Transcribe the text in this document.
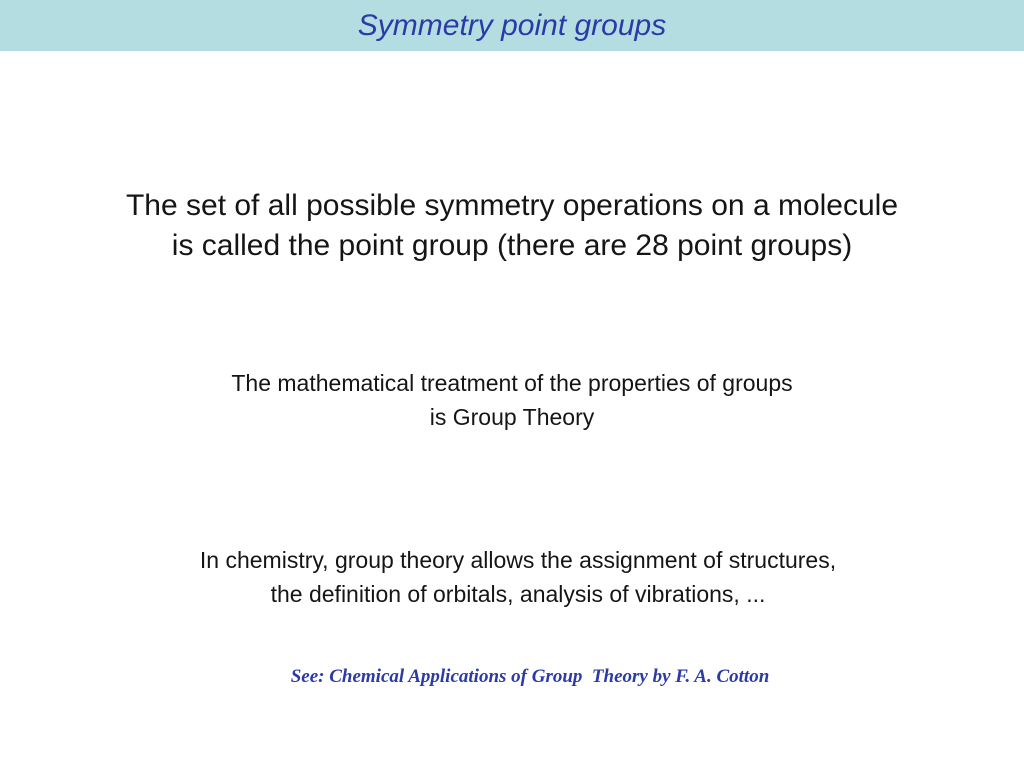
Symmetry point groups
The set of all possible symmetry operations on a molecule
is called the point group (there are 28 point groups)
The mathematical treatment of the properties of groups
is Group Theory
In chemistry, group theory allows the assignment of structures,
the definition of orbitals, analysis of vibrations, ...

See: Chemical Applications of Group  Theory by F. A. Cotton
